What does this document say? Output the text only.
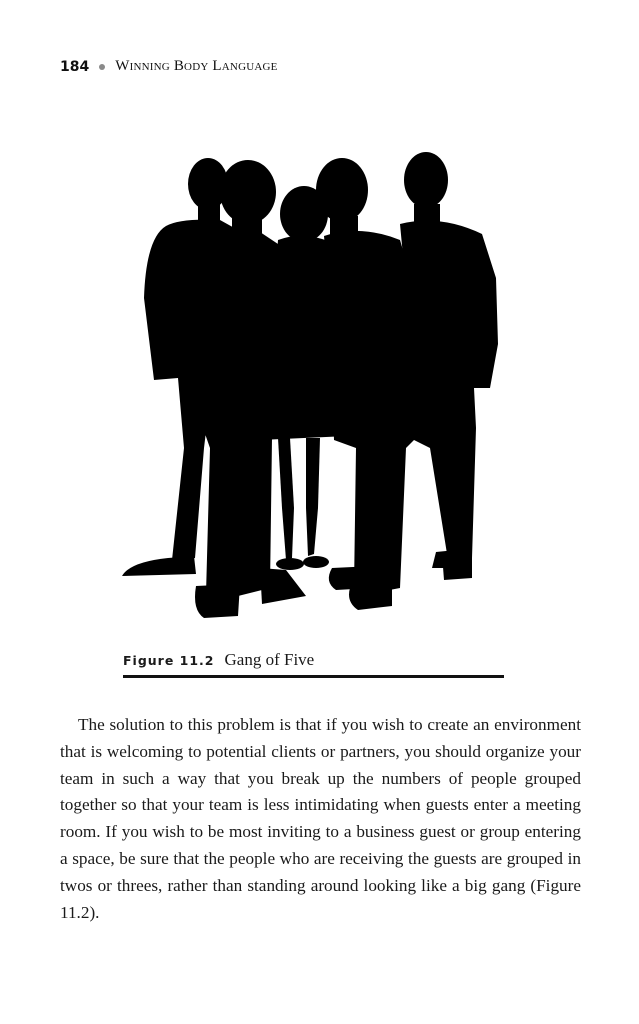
184 Winning Body Language
Figure 11.2 Gang of Five

The solution to this problem is that if you wish to create an environment that is welcoming to potential clients or partners, you should organize your team in such a way that you break up the numbers of people grouped together so that your team is less intimidating when guests enter a meeting room. If you wish to be most inviting to a business guest or group entering a space, be sure that the people who are receiving the guests are grouped in twos or threes, rather than standing around looking like a big gang (Figure 11.2).
